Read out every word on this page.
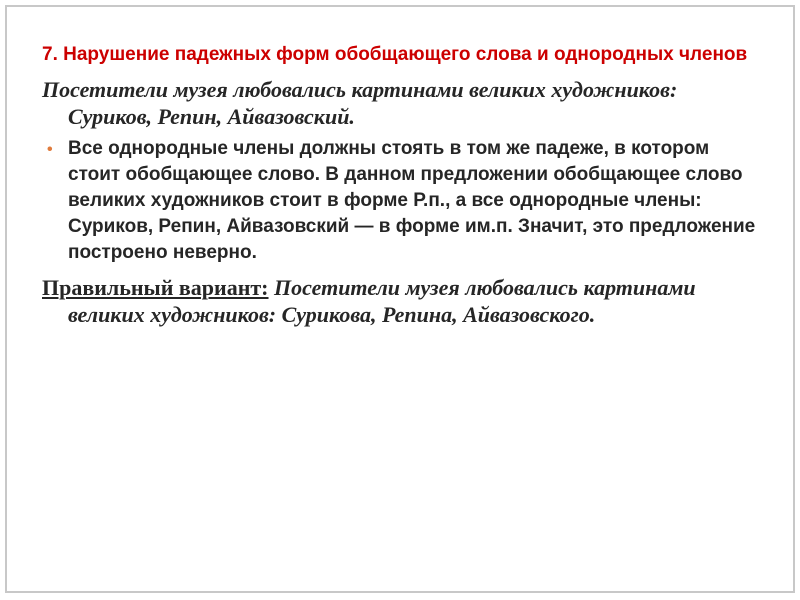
7. Нарушение падежных форм обобщающего слова и однородных членов

Посетители музея любовались картинами великих художников: Суриков, Репин, Айвазовский.

• Все однородные члены должны стоять в том же падеже, в котором стоит обобщающее слово. В данном предложении обобщающее слово великих художников стоит в форме Р.п., а все однородные члены: Суриков, Репин, Айвазовский — в форме им.п. Значит, это предложение построено неверно.

Правильный вариант: Посетители музея любовались картинами великих художников: Сурикова, Репина, Айвазовского.
